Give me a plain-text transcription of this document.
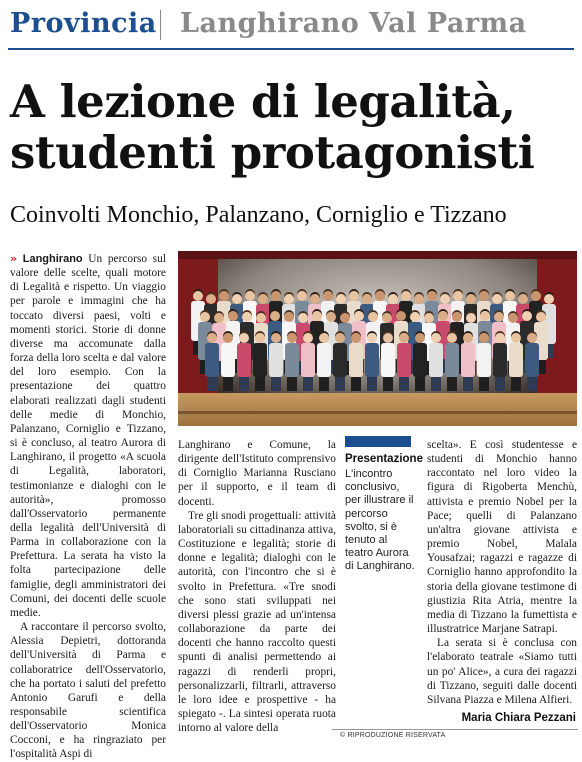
Provincia Langhirano Val Parma
A lezione di legalità,
studenti protagonisti
Coinvolti Monchio, Palanzano, Corniglio e Tizzano

» Langhirano Un percorso sul valore delle scelte, quali motore di Legalità e rispetto. Un viaggio per parole e immagini che ha toccato diversi paesi, volti e momenti storici. Storie di donne diverse ma accomunate dalla forza della loro scelta e dal valore del loro esempio. Con la presentazione dei quattro elaborati realizzati dagli studenti delle medie di Monchio, Palanzano, Corniglio e Tizzano, si è concluso, al teatro Aurora di Langhirano, il progetto «A scuola di Legalità, laboratori, testimonianze e dialoghi con le autorità», promosso dall'Osservatorio permanente della legalità dell'Università di Parma in collaborazione con la Prefettura. La serata ha visto la folta partecipazione delle famiglie, degli amministratori dei Comuni, dei docenti delle scuole medie.

A raccontare il percorso svolto, Alessia Depietri, dottoranda dell'Università di Parma e collaboratrice dell'Osservatorio, che ha portato i saluti del prefetto Antonio Garufi e della responsabile scientifica dell'Osservatorio Monica Cocconi, e ha ringraziato per l'ospitalità Aspi di

Presentazione
L'incontro conclusivo, per illustrare il percorso svolto, si è tenuto al teatro Aurora di Langhirano.

Langhirano e Comune, la dirigente dell'Istituto comprensivo di Corniglio Marianna Rusciano per il supporto, e il team di docenti.

Tre gli snodi progettuali: attività laboratoriali su cittadinanza attiva, Costituzione e legalità; storie di donne e legalità; dialoghi con le autorità, con l'incontro che si è svolto in Prefettura. «Tre snodi che sono stati sviluppati nei diversi plessi grazie ad un'intensa collaborazione da parte dei docenti che hanno raccolto questi spunti di analisi permettendo ai ragazzi di renderli propri, personalizzarli, filtrarli, attraverso le loro idee e prospettive - ha spiegato -. La sintesi operata ruota intorno al valore della

scelta». E così studentesse e studenti di Monchio hanno raccontato nel loro video la figura di Rigoberta Menchù, attivista e premio Nobel per la Pace; quelli di Palanzano un'altra giovane attivista e premio Nobel, Malala Yousafzai; ragazzi e ragazze di Corniglio hanno approfondito la storia della giovane testimone di giustizia Rita Atria, mentre la media di Tizzano la fumettista e illustratrice Marjane Satrapi.

La serata si è conclusa con l'elaborato teatrale «Siamo tutti un po' Alice», a cura dei ragazzi di Tizzano, seguiti dalle docenti Silvana Piazza e Milena Alfieri.

Maria Chiara Pezzani
© RIPRODUZIONE RISERVATA
